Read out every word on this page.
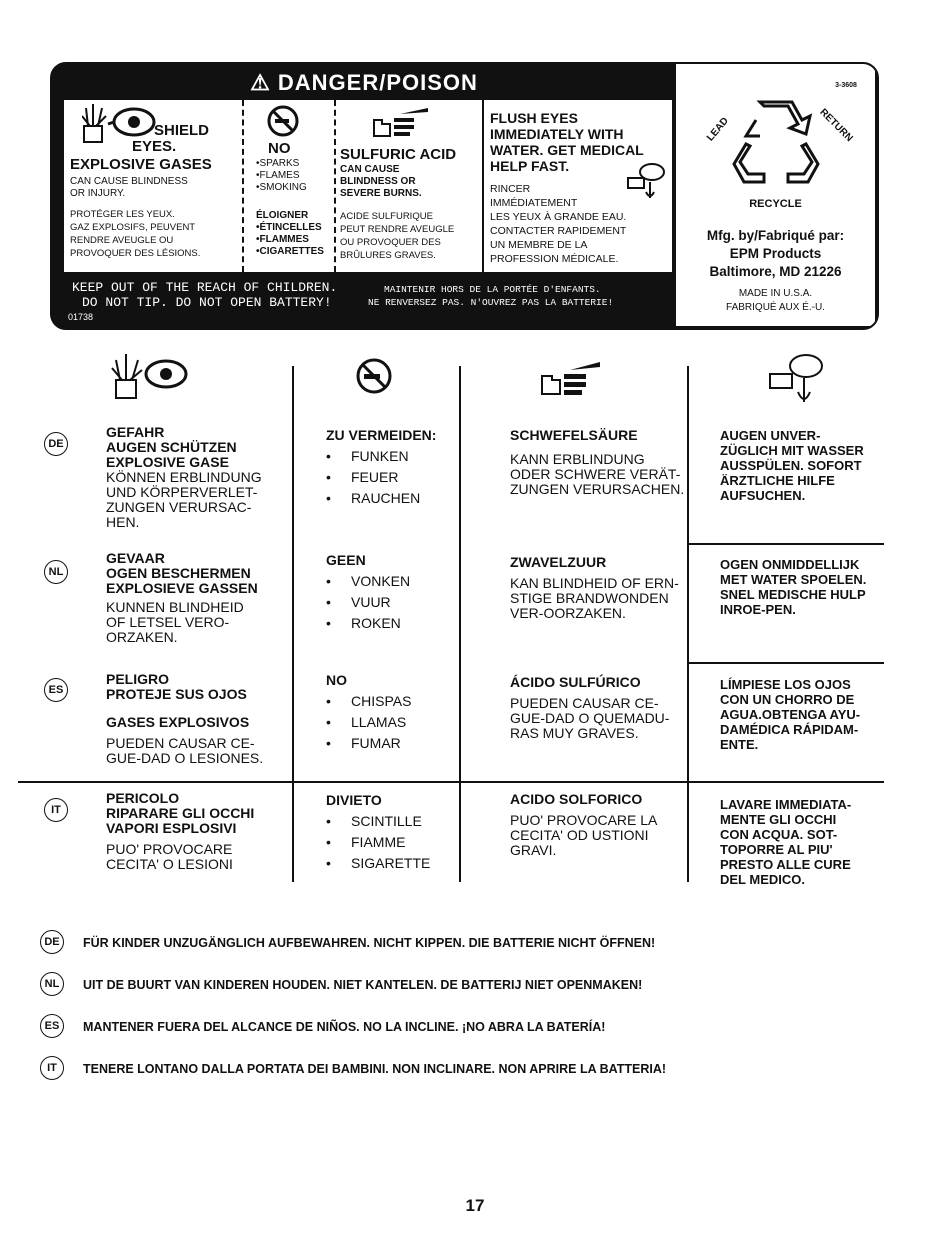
⚠ DANGER/POISON
SHIELD
EYES.
EXPLOSIVE GASES
CAN CAUSE BLINDNESS
OR INJURY.
PROTÉGER LES YEUX.
GAZ EXPLOSIFS, PEUVENT
RENDRE AVEUGLE OU
PROVOQUER DES LÉSIONS.
NO
•SPARKS
•FLAMES
•SMOKING
ÉLOIGNER
•ÉTINCELLES
•FLAMMES
•CIGARETTES
SULFURIC ACID
CAN CAUSE
BLINDNESS OR
SEVERE BURNS.
ACIDE SULFURIQUE
PEUT RENDRE AVEUGLE
OU PROVOQUER DES
BRÛLURES GRAVES.
FLUSH EYES
IMMEDIATELY WITH
WATER. GET MEDICAL
HELP FAST.
RINCER
IMMÉDIATEMENT
LES YEUX À GRANDE EAU.
CONTACTER RAPIDEMENT
UN MEMBRE DE LA
PROFESSION MÉDICALE.
KEEP OUT OF THE REACH OF CHILDREN.
DO NOT TIP. DO NOT OPEN BATTERY!
MAINTENIR HORS DE LA PORTÉE D'ENFANTS.
NE RENVERSEZ PAS. N'OUVREZ PAS LA BATTERIE!
01738
3-3608
LEAD	RETURN
RECYCLE
Mfg. by/Fabriqué par:
EPM Products
Baltimore, MD 21226
MADE IN U.S.A.
FABRIQUÉ AUX É.-U.
DE
GEFAHR
AUGEN SCHÜTZEN
EXPLOSIVE GASE
KÖNNEN ERBLINDUNG
UND KÖRPERVERLET-
ZUNGEN VERURSAC-
HEN.
ZU VERMEIDEN:
• FUNKEN
• FEUER
• RAUCHEN
SCHWEFELSÄURE
KANN ERBLINDUNG
ODER SCHWERE VERÄT-
ZUNGEN VERURSACHEN.
AUGEN UNVER-
ZÜGLICH MIT WASSER
AUSSPÜLEN. SOFORT
ÄRZTLICHE HILFE
AUFSUCHEN.
NL
GEVAAR
OGEN BESCHERMEN
EXPLOSIEVE GASSEN
KUNNEN BLINDHEID
OF LETSEL VERO-
ORZAKEN.
GEEN
• VONKEN
• VUUR
• ROKEN
ZWAVELZUUR
KAN BLINDHEID OF ERN-
STIGE BRANDWONDEN
VER-OORZAKEN.
OGEN ONMIDDELLIJK
MET WATER SPOELEN.
SNEL MEDISCHE HULP
INROE-PEN.
ES
PELIGRO
PROTEJE SUS OJOS
GASES EXPLOSIVOS
PUEDEN CAUSAR CE-
GUE-DAD O LESIONES.
NO
• CHISPAS
• LLAMAS
• FUMAR
ÁCIDO SULFÚRICO
PUEDEN CAUSAR CE-
GUE-DAD O QUEMADU-
RAS MUY GRAVES.
LÍMPIESE LOS OJOS
CON UN CHORRO DE
AGUA.OBTENGA AYU-
DAMÉDICA RÁPIDAM-
ENTE.
IT
PERICOLO
RIPARARE GLI OCCHI
VAPORI ESPLOSIVI
PUO' PROVOCARE
CECITA' O LESIONI
DIVIETO
• SCINTILLE
• FIAMME
• SIGARETTE
ACIDO SOLFORICO
PUO' PROVOCARE LA
CECITA' OD USTIONI
GRAVI.
LAVARE IMMEDIATA-
MENTE GLI OCCHI
CON ACQUA. SOT-
TOPORRE AL PIU'
PRESTO ALLE CURE
DEL MEDICO.
DE	FÜR KINDER UNZUGÄNGLICH AUFBEWAHREN. NICHT KIPPEN. DIE BATTERIE NICHT ÖFFNEN!
NL	UIT DE BUURT VAN KINDEREN HOUDEN. NIET KANTELEN. DE BATTERIJ NIET OPENMAKEN!
ES	MANTENER FUERA DEL ALCANCE DE NIÑOS. NO LA INCLINE. ¡NO ABRA LA BATERÍA!
IT	TENERE LONTANO DALLA PORTATA DEI BAMBINI. NON INCLINARE. NON APRIRE LA BATTERIA!
17
